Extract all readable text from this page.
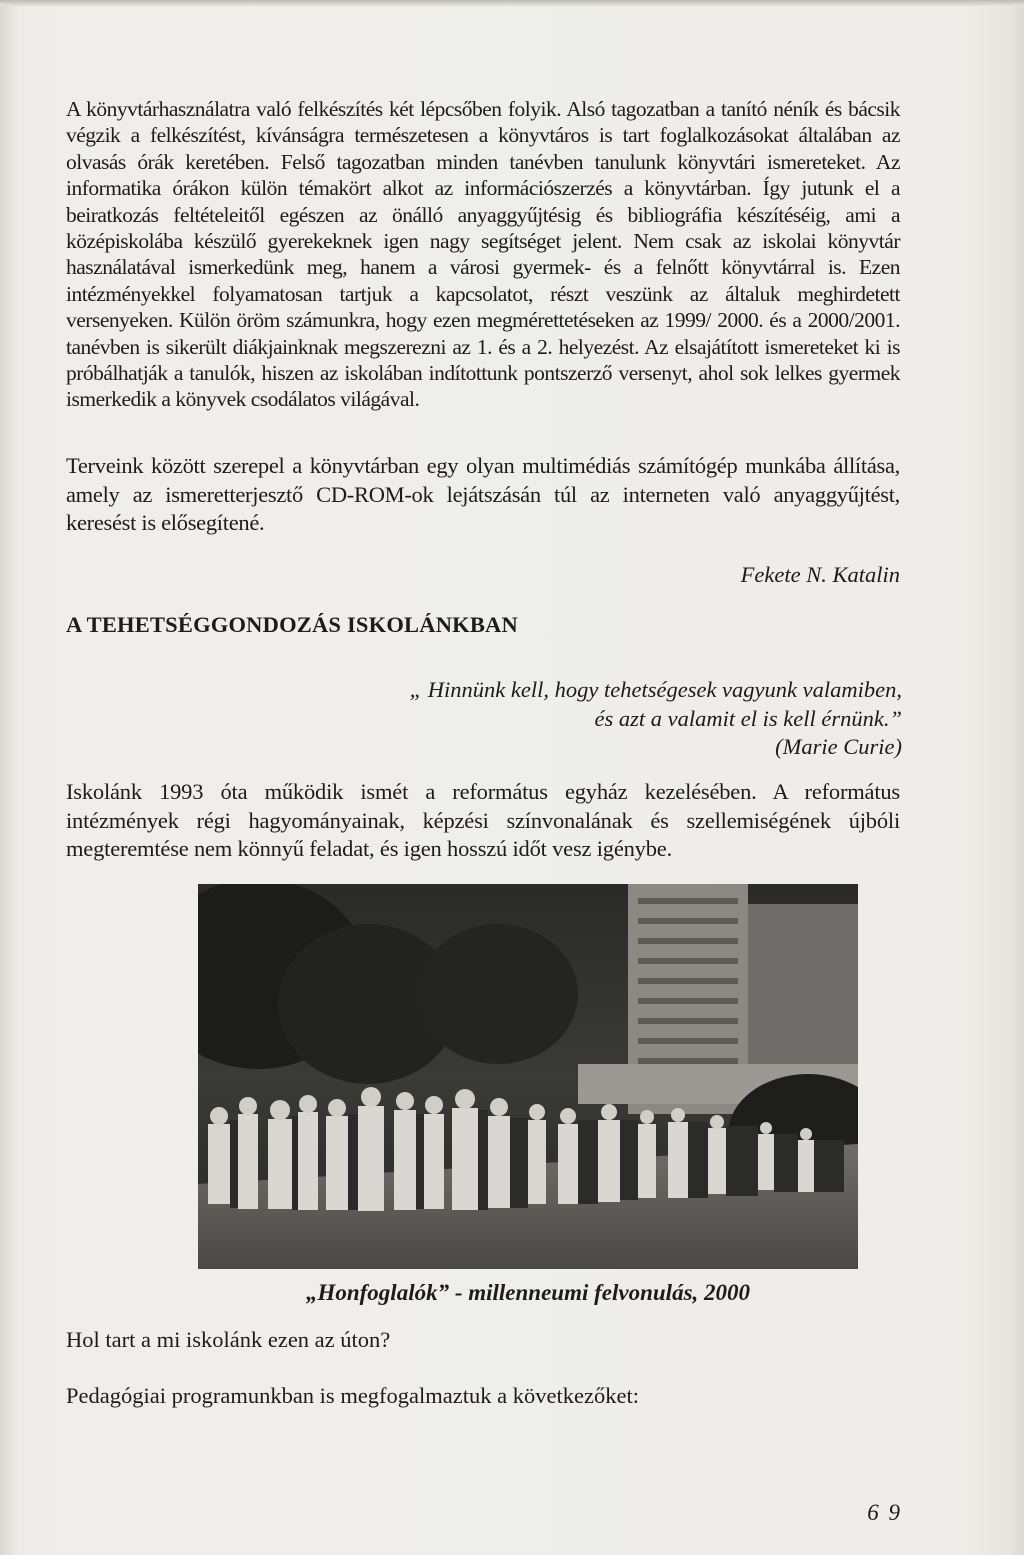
A könyvtárhasználatra való felkészítés két lépcsőben folyik. Alsó tagozatban a tanító néník és bácsik végzik a felkészítést, kívánságra természetesen a könyvtáros is tart foglalkozásokat általában az olvasás órák keretében. Felső tagozatban minden tanévben tanulunk könyvtári ismereteket. Az informatika órákon külön témakört alkot az információszerzés a könyvtárban. Így jutunk el a beiratkozás feltételeitől egészen az önálló anyaggyűjtésig és bibliográfia készítéséig, ami a középiskolába készülő gyerekeknek igen nagy segítséget jelent. Nem csak az iskolai könyvtár használatával ismerkedünk meg, hanem a városi gyermek- és a felnőtt könyvtárral is. Ezen intézményekkel folyamatosan tartjuk a kapcsolatot, részt veszünk az általuk meghirdetett versenyeken. Külön öröm számunkra, hogy ezen megmérettetéseken az 1999/ 2000. és a 2000/2001. tanévben is sikerült diákjainknak megszerezni az 1. és a 2. helyezést. Az elsajátított ismereteket ki is próbálhatják a tanulók, hiszen az iskolában indítottunk pontszerző versenyt, ahol sok lelkes gyermek ismerkedik a könyvek csodálatos világával.

Terveink között szerepel a könyvtárban egy olyan multimédiás számítógép munkába állítása, amely az ismeretterjesztő CD-ROM-ok lejátszásán túl az interneten való anyaggyűjtést, keresést is elősegítené.

Fekete N. Katalin
A TEHETSÉGGONDOZÁS ISKOLÁNKBAN
„ Hinnünk kell, hogy tehetségesek vagyunk valamiben,
és azt a valamit el is kell érnünk.”
(Marie Curie)

Iskolánk 1993 óta működik ismét a református egyház kezelésében. A református intézmények régi hagyományainak, képzési színvonalának és szellemiségének újbóli megteremtése nem könnyű feladat, és igen hosszú időt vesz igénybe.

„Honfoglalók” - millenneumi felvonulás, 2000

Hol tart a mi iskolánk ezen az úton?

Pedagógiai programunkban is megfogalmaztuk a következőket:

6 9
